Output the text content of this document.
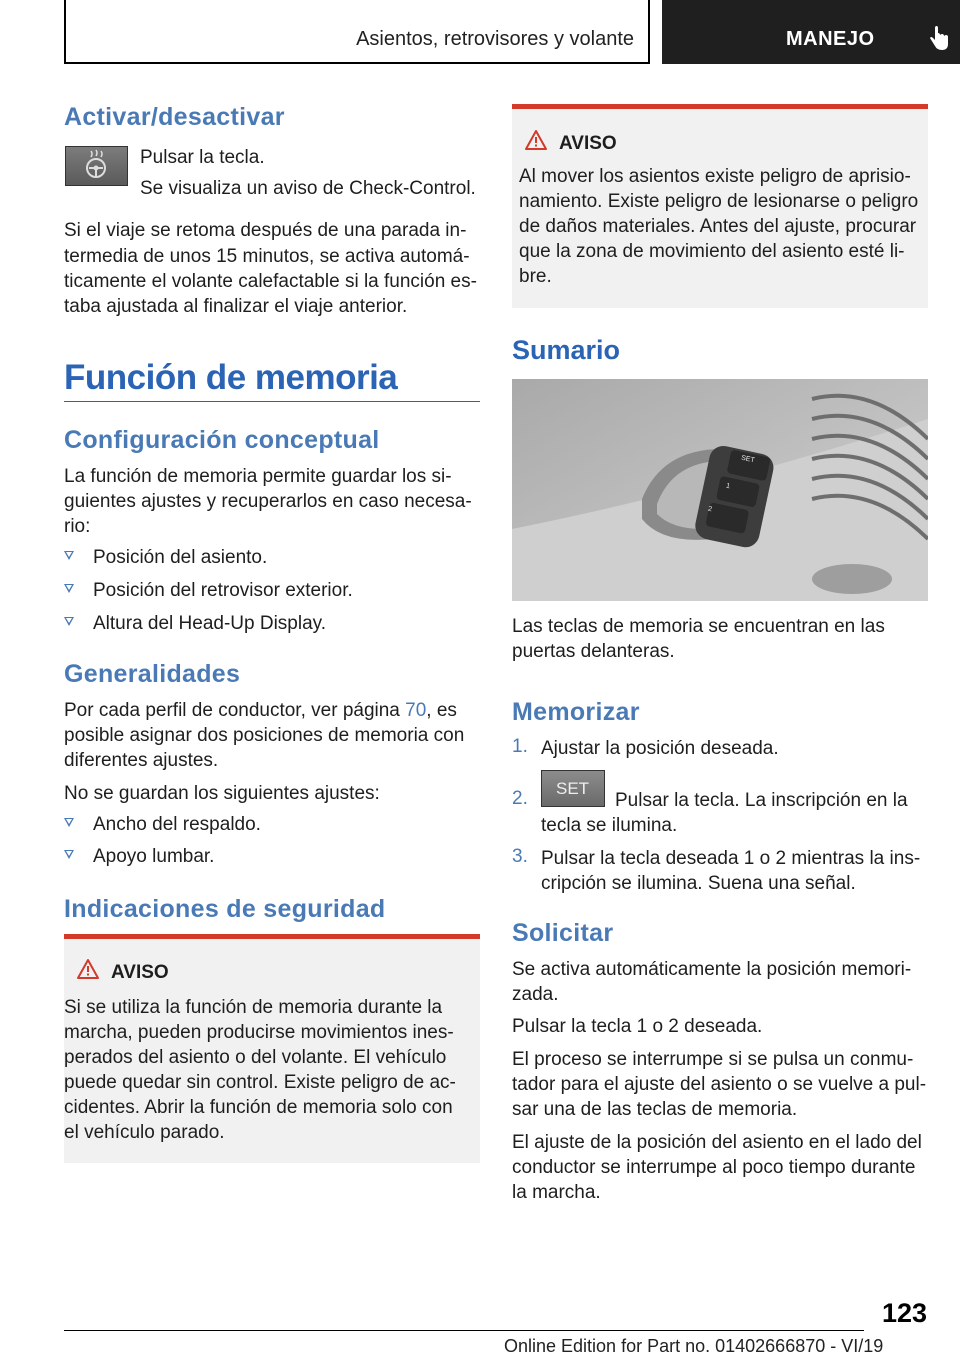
Asientos, retrovisores y volante	MANEJO
Activar/desactivar
Pulsar la tecla.
Se visualiza un aviso de Check-Control.
Si el viaje se retoma después de una parada in-
termedia de unos 15 minutos, se activa automá-
ticamente el volante calefactable si la función es-
taba ajustada al finalizar el viaje anterior.
Función de memoria
Configuración conceptual
La función de memoria permite guardar los si-
guientes ajustes y recuperarlos en caso necesa-
rio:
Posición del asiento.
Posición del retrovisor exterior.
Altura del Head-Up Display.
Generalidades
Por cada perfil de conductor, ver página 70, es
posible asignar dos posiciones de memoria con
diferentes ajustes.
No se guardan los siguientes ajustes:
Ancho del respaldo.
Apoyo lumbar.
Indicaciones de seguridad
AVISO
Si se utiliza la función de memoria durante la
marcha, pueden producirse movimientos ines-
perados del asiento o del volante. El vehículo
puede quedar sin control. Existe peligro de ac-
cidentes. Abrir la función de memoria solo con
el vehículo parado.
AVISO
Al mover los asientos existe peligro de aprisio-
namiento. Existe peligro de lesionarse o peligro
de daños materiales. Antes del ajuste, procurar
que la zona de movimiento del asiento esté li-
bre.
Sumario
SET
1
2
Las teclas de memoria se encuentran en las
puertas delanteras.
Memorizar
1. Ajustar la posición deseada.
2. SET
Pulsar la tecla. La inscripción en la
tecla se ilumina.
3. Pulsar la tecla deseada 1 o 2 mientras la ins-
cripción se ilumina. Suena una señal.
Solicitar
Se activa automáticamente la posición memori-
zada.
Pulsar la tecla 1 o 2 deseada.
El proceso se interrumpe si se pulsa un conmu-
tador para el ajuste del asiento o se vuelve a pul-
sar una de las teclas de memoria.
El ajuste de la posición del asiento en el lado del
conductor se interrumpe al poco tiempo durante
la marcha.
123
Online Edition for Part no. 01402666870 - VI/19
